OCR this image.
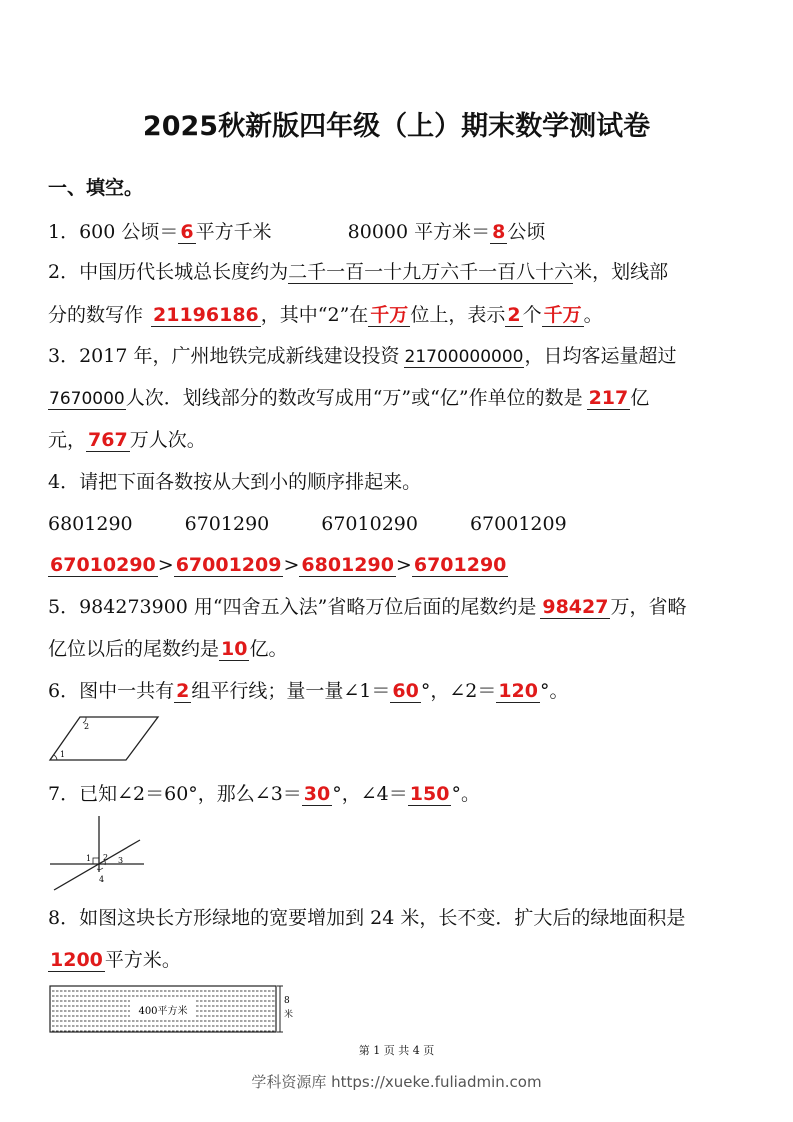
2025秋新版四年级（上）期末数学测试卷
一、填空。
1．600 公顷＝ 6 平方千米	80000 平方米＝ 8 公顷
2．中国历代长城总长度约为二千一百一十九万六千一百八十六米，划线部
分的数写作 21196186 ，其中“2”在 千万 位上，表示 2 个 千万 。
3．2017 年，广州地铁完成新线建设投资 21700000000，日均客运量超过
7670000人次．划线部分的数改写成用“万”或“亿”作单位的数是 217 亿
元， 767 万人次。
4．请把下面各数按从大到小的顺序排起来。
6801290	6701290	67010290	67001209
67010290 > 67001209 > 6801290 > 6701290
5．984273900 用“四舍五入法”省略万位后面的尾数约是 98427 万，省略
亿位以后的尾数约是 10 亿。
6．图中一共有 2 组平行线；量一量∠1＝ 60 °，∠2＝ 120 °。
2
1
7．已知∠2＝60°，那么∠3＝ 30 °，∠4＝ 150 °。
1 2 3
4
8．如图这块长方形绿地的宽要增加到 24 米，长不变．扩大后的绿地面积是
1200 平方米。
400平方米
8
米
第 1 页 共 4 页
学科资源库 https://xueke.fuliadmin.com
